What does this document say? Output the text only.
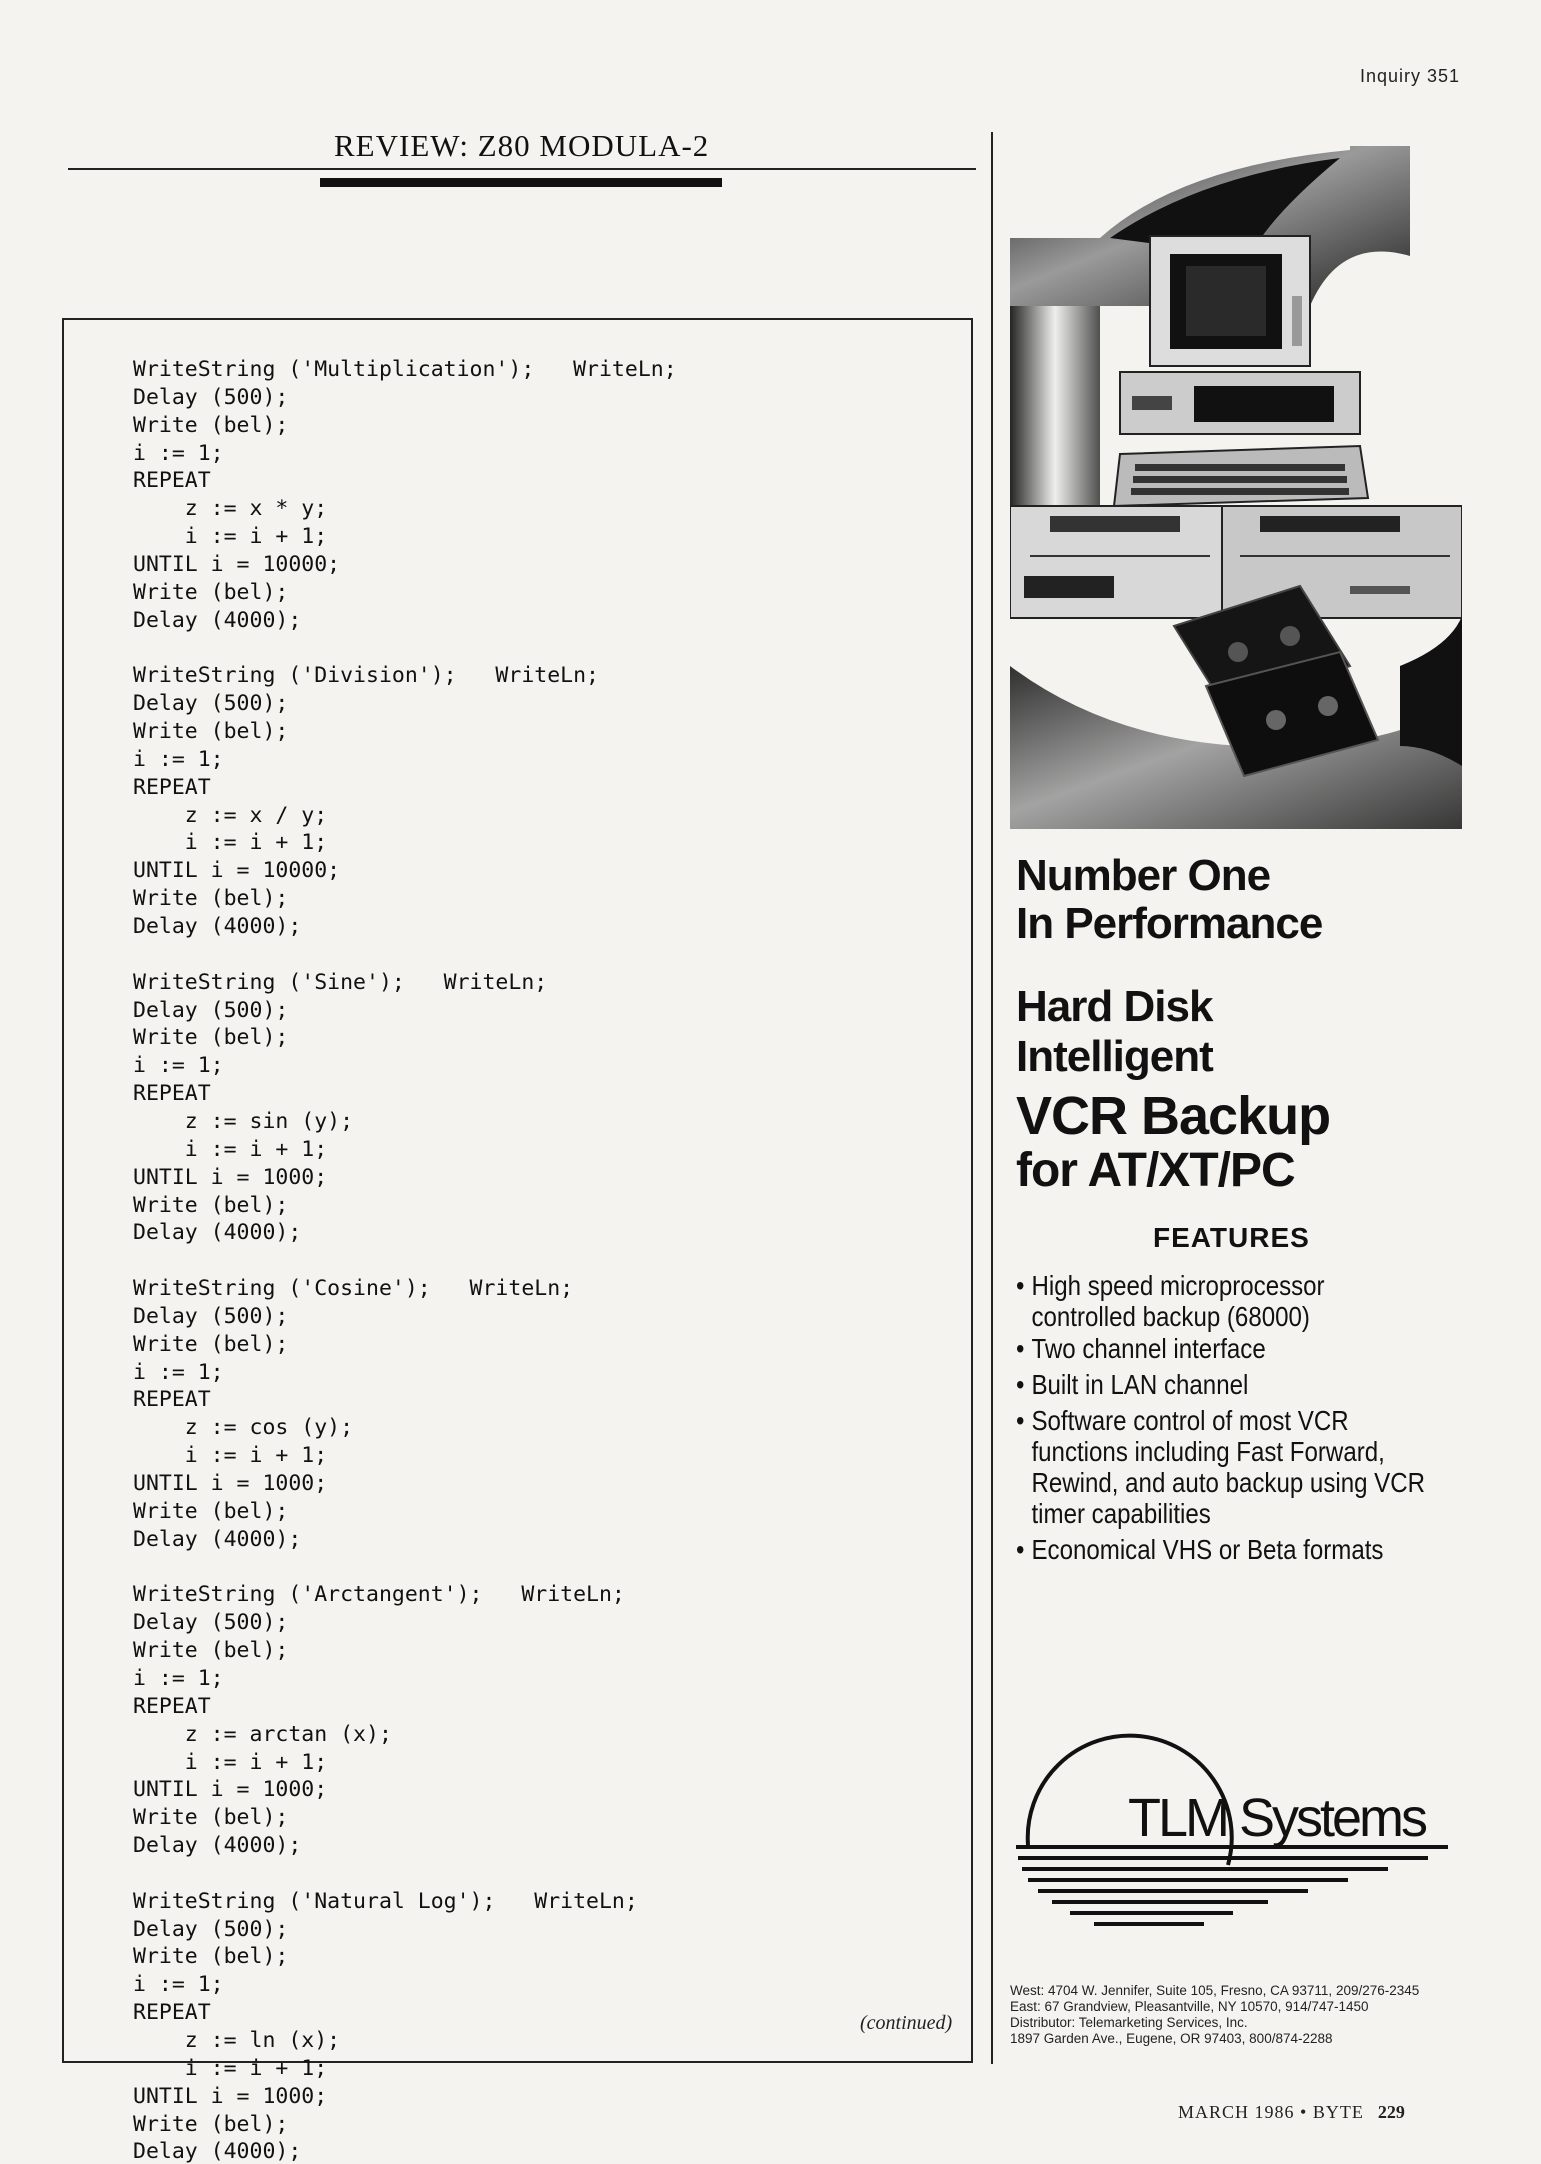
Inquiry 351
REVIEW: Z80 MODULA-2
WriteString ('Multiplication');   WriteLn;
Delay (500);
Write (bel);
i := 1;
REPEAT
z := x * y;
i := i + 1;
UNTIL i = 10000;
Write (bel);
Delay (4000);
WriteString ('Division');   WriteLn;
Delay (500);
Write (bel);
i := 1;
REPEAT
z := x / y;
i := i + 1;
UNTIL i = 10000;
Write (bel);
Delay (4000);
WriteString ('Sine');   WriteLn;
Delay (500);
Write (bel);
i := 1;
REPEAT
z := sin (y);
i := i + 1;
UNTIL i = 1000;
Write (bel);
Delay (4000);
WriteString ('Cosine');   WriteLn;
Delay (500);
Write (bel);
i := 1;
REPEAT
z := cos (y);
i := i + 1;
UNTIL i = 1000;
Write (bel);
Delay (4000);
WriteString ('Arctangent');   WriteLn;
Delay (500);
Write (bel);
i := 1;
REPEAT
z := arctan (x);
i := i + 1;
UNTIL i = 1000;
Write (bel);
Delay (4000);
WriteString ('Natural Log');   WriteLn;
Delay (500);
Write (bel);
i := 1;
REPEAT
z := ln (x);
i := i + 1;
UNTIL i = 1000;
Write (bel);
Delay (4000);
(continued)
Number One
In Performance
Hard Disk
Intelligent
VCR Backup
for AT/XT/PC
FEATURES
• High speed microprocessor
controlled backup (68000)
• Two channel interface
• Built in LAN channel
• Software control of most VCR
functions including Fast Forward,
Rewind, and auto backup using VCR
timer capabilities
• Economical VHS or Beta formats
TLM Systems
West: 4704 W. Jennifer, Suite 105, Fresno, CA 93711, 209/276-2345
East: 67 Grandview, Pleasantville, NY 10570, 914/747-1450
Distributor: Telemarketing Services, Inc.
1897 Garden Ave., Eugene, OR 97403, 800/874-2288
MARCH 1986 • BYTE 229
